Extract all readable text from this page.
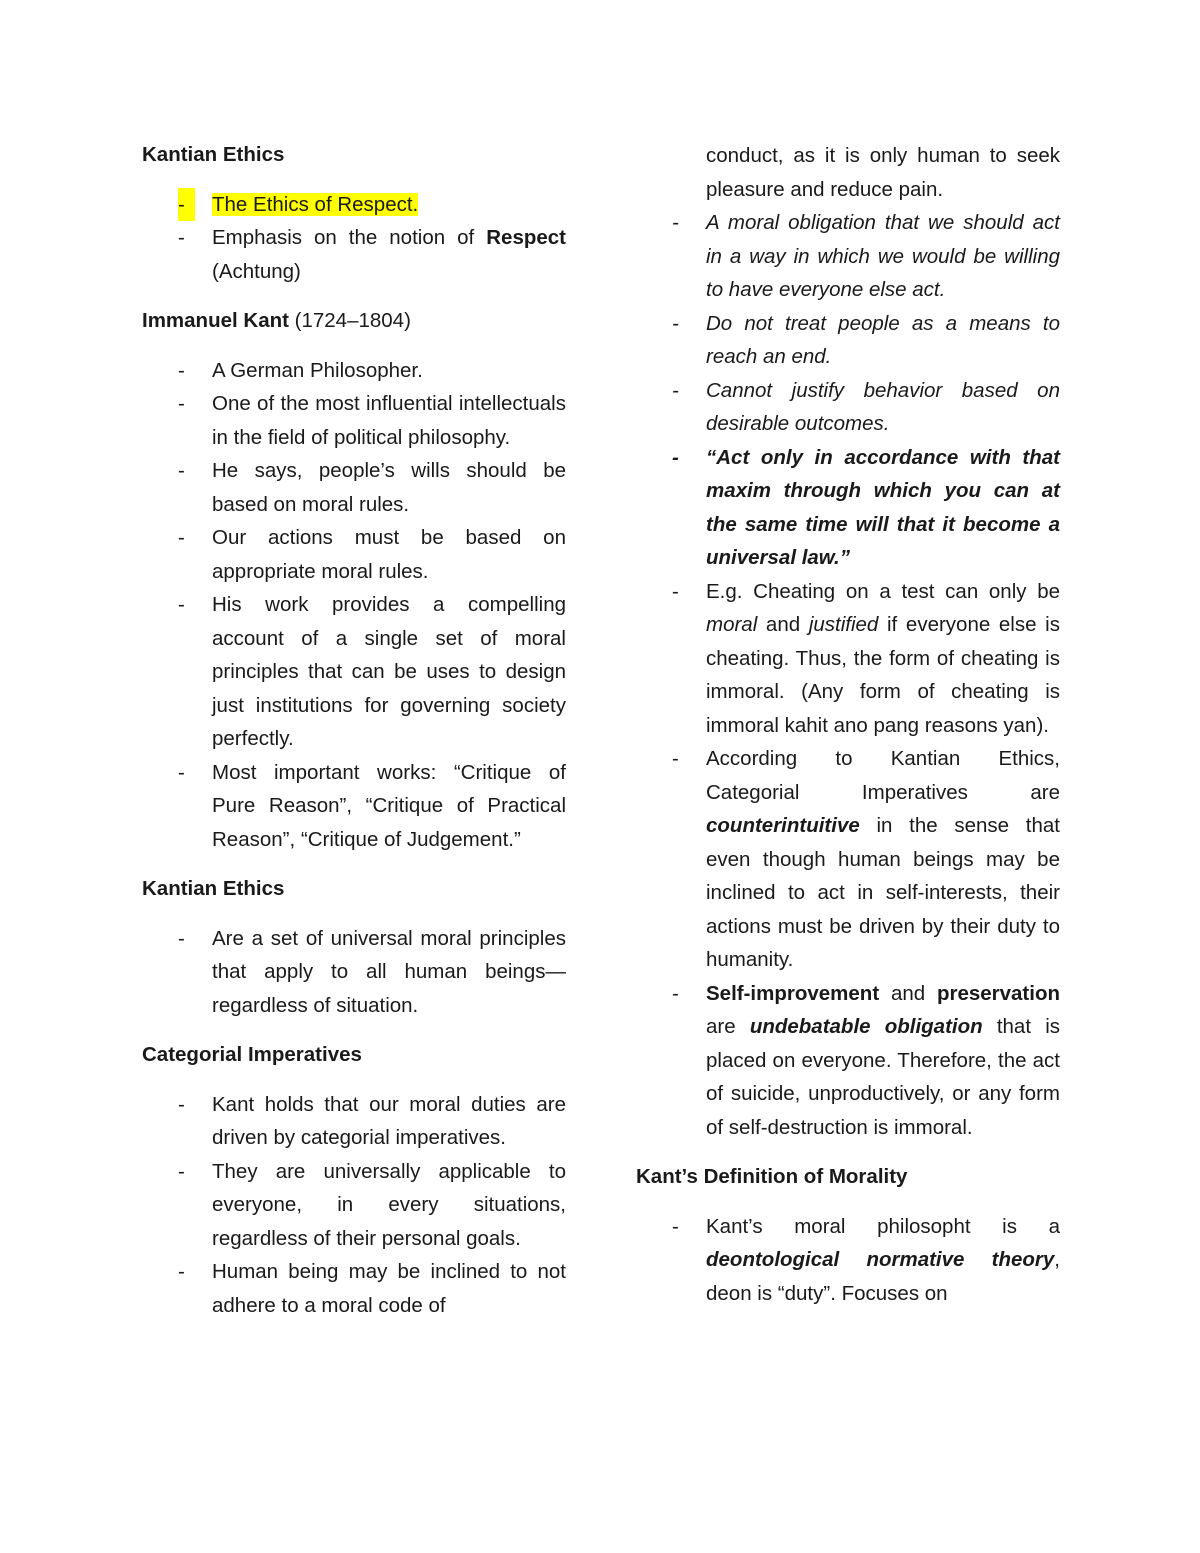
Kantian Ethics

- The Ethics of Respect.
- Emphasis on the notion of Respect (Achtung)

Immanuel Kant (1724–1804)

- A German Philosopher.
- One of the most influential intellectuals in the field of political philosophy.
- He says, people’s wills should be based on moral rules.
- Our actions must be based on appropriate moral rules.
- His work provides a compelling account of a single set of moral principles that can be uses to design just institutions for governing society perfectly.
- Most important works: “Critique of Pure Reason”, “Critique of Practical Reason”, “Critique of Judgement.”

Kantian Ethics

- Are a set of universal moral principles that apply to all human beings—regardless of situation.

Categorial Imperatives

- Kant holds that our moral duties are driven by categorial imperatives.
- They are universally applicable to everyone, in every situations, regardless of their personal goals.
- Human being may be inclined to not adhere to a moral code of
conduct, as it is only human to seek pleasure and reduce pain.
- A moral obligation that we should act in a way in which we would be willing to have everyone else act.
- Do not treat people as a means to reach an end.
- Cannot justify behavior based on desirable outcomes.
- “Act only in accordance with that maxim through which you can at the same time will that it become a universal law.”
- E.g. Cheating on a test can only be moral and justified if everyone else is cheating. Thus, the form of cheating is immoral. (Any form of cheating is immoral kahit ano pang reasons yan).
- According to Kantian Ethics, Categorial Imperatives are counterintuitive in the sense that even though human beings may be inclined to act in self-interests, their actions must be driven by their duty to humanity.
- Self-improvement and preservation are undebatable obligation that is placed on everyone. Therefore, the act of suicide, unproductively, or any form of self-destruction is immoral.

Kant’s Definition of Morality

- Kant’s moral philosopht is a deontological normative theory, deon is “duty”. Focuses on
